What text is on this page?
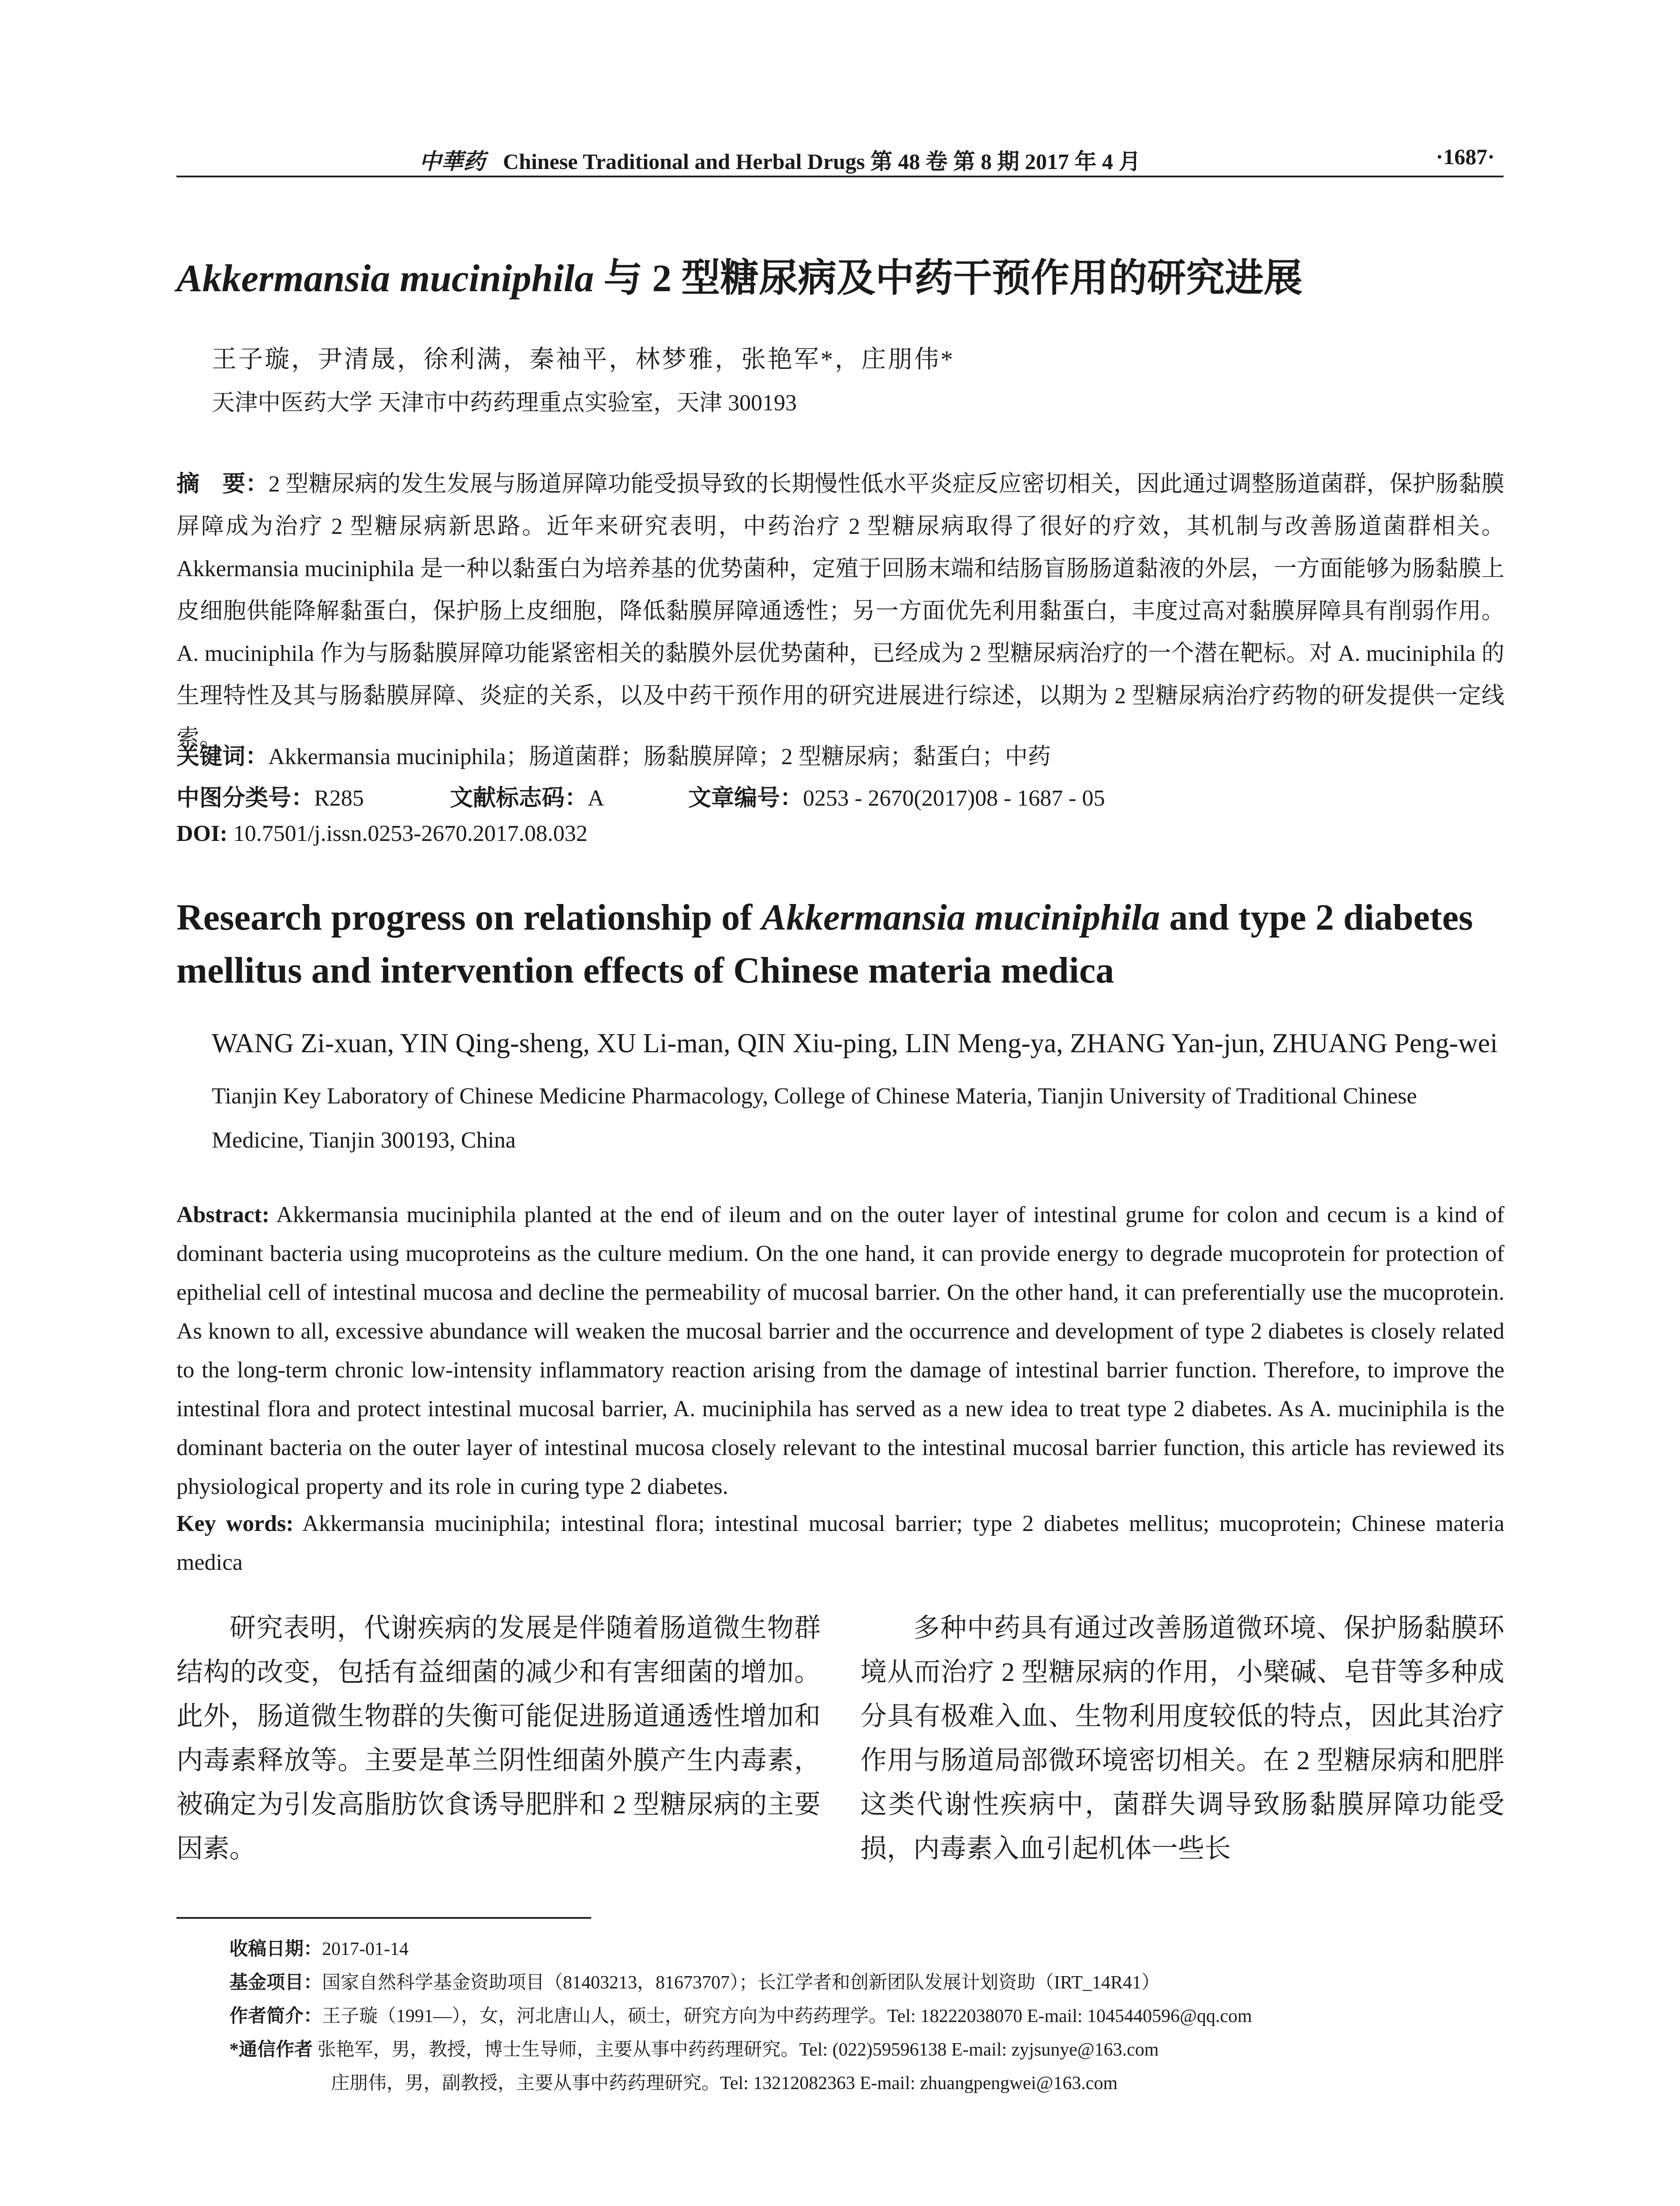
中華药 Chinese Traditional and Herbal Drugs 第 48 卷 第 8 期 2017 年 4 月	·1687·
Akkermansia muciniphila 与 2 型糖尿病及中药干预作用的研究进展
王子璇，尹清晟，徐利满，秦袖平，林梦雅，张艳军*，庄朋伟*
天津中医药大学 天津市中药药理重点实验室，天津 300193
摘　要：2 型糖尿病的发生发展与肠道屏障功能受损导致的长期慢性低水平炎症反应密切相关，因此通过调整肠道菌群，保护肠黏膜屏障成为治疗 2 型糖尿病新思路。近年来研究表明，中药治疗 2 型糖尿病取得了很好的疗效，其机制与改善肠道菌群相关。Akkermansia muciniphila 是一种以黏蛋白为培养基的优势菌种，定殖于回肠末端和结肠盲肠肠道黏液的外层，一方面能够为肠黏膜上皮细胞供能降解黏蛋白，保护肠上皮细胞，降低黏膜屏障通透性；另一方面优先利用黏蛋白，丰度过高对黏膜屏障具有削弱作用。A. muciniphila 作为与肠黏膜屏障功能紧密相关的黏膜外层优势菌种，已经成为 2 型糖尿病治疗的一个潜在靶标。对 A. muciniphila 的生理特性及其与肠黏膜屏障、炎症的关系，以及中药干预作用的研究进展进行综述，以期为 2 型糖尿病治疗药物的研发提供一定线索。
关键词：Akkermansia muciniphila；肠道菌群；肠黏膜屏障；2 型糖尿病；黏蛋白；中药
中图分类号：R285	文献标志码：A	文章编号：0253 - 2670(2017)08 - 1687 - 05
DOI: 10.7501/j.issn.0253-2670.2017.08.032
Research progress on relationship of Akkermansia muciniphila and type 2 diabetes mellitus and intervention effects of Chinese materia medica
WANG Zi-xuan, YIN Qing-sheng, XU Li-man, QIN Xiu-ping, LIN Meng-ya, ZHANG Yan-jun, ZHUANG Peng-wei
Tianjin Key Laboratory of Chinese Medicine Pharmacology, College of Chinese Materia, Tianjin University of Traditional Chinese Medicine, Tianjin 300193, China
Abstract: Akkermansia muciniphila planted at the end of ileum and on the outer layer of intestinal grume for colon and cecum is a kind of dominant bacteria using mucoproteins as the culture medium. On the one hand, it can provide energy to degrade mucoprotein for protection of epithelial cell of intestinal mucosa and decline the permeability of mucosal barrier. On the other hand, it can preferentially use the mucoprotein. As known to all, excessive abundance will weaken the mucosal barrier and the occurrence and development of type 2 diabetes is closely related to the long-term chronic low-intensity inflammatory reaction arising from the damage of intestinal barrier function. Therefore, to improve the intestinal flora and protect intestinal mucosal barrier, A. muciniphila has served as a new idea to treat type 2 diabetes. As A. muciniphila is the dominant bacteria on the outer layer of intestinal mucosa closely relevant to the intestinal mucosal barrier function, this article has reviewed its physiological property and its role in curing type 2 diabetes.
Key words: Akkermansia muciniphila; intestinal flora; intestinal mucosal barrier; type 2 diabetes mellitus; mucoprotein; Chinese materia medica
研究表明，代谢疾病的发展是伴随着肠道微生物群结构的改变，包括有益细菌的减少和有害细菌的增加。此外，肠道微生物群的失衡可能促进肠道通透性增加和内毒素释放等。主要是革兰阴性细菌外膜产生内毒素，被确定为引发高脂肪饮食诱导肥胖和 2 型糖尿病的主要因素。
多种中药具有通过改善肠道微环境、保护肠黏膜环境从而治疗 2 型糖尿病的作用，小檗碱、皂苷等多种成分具有极难入血、生物利用度较低的特点，因此其治疗作用与肠道局部微环境密切相关。在 2 型糖尿病和肥胖这类代谢性疾病中，菌群失调导致肠黏膜屏障功能受损，内毒素入血引起机体一些长
收稿日期：2017-01-14
基金项目：国家自然科学基金资助项目（81403213，81673707）；长江学者和创新团队发展计划资助（IRT_14R41）
作者简介：王子璇（1991—），女，河北唐山人，硕士，研究方向为中药药理学。Tel: 18222038070 E-mail: 1045440596@qq.com
*通信作者 张艳军，男，教授，博士生导师，主要从事中药药理研究。Tel: (022)59596138 E-mail: zyjsunye@163.com
庄朋伟，男，副教授，主要从事中药药理研究。Tel: 13212082363 E-mail: zhuangpengwei@163.com
